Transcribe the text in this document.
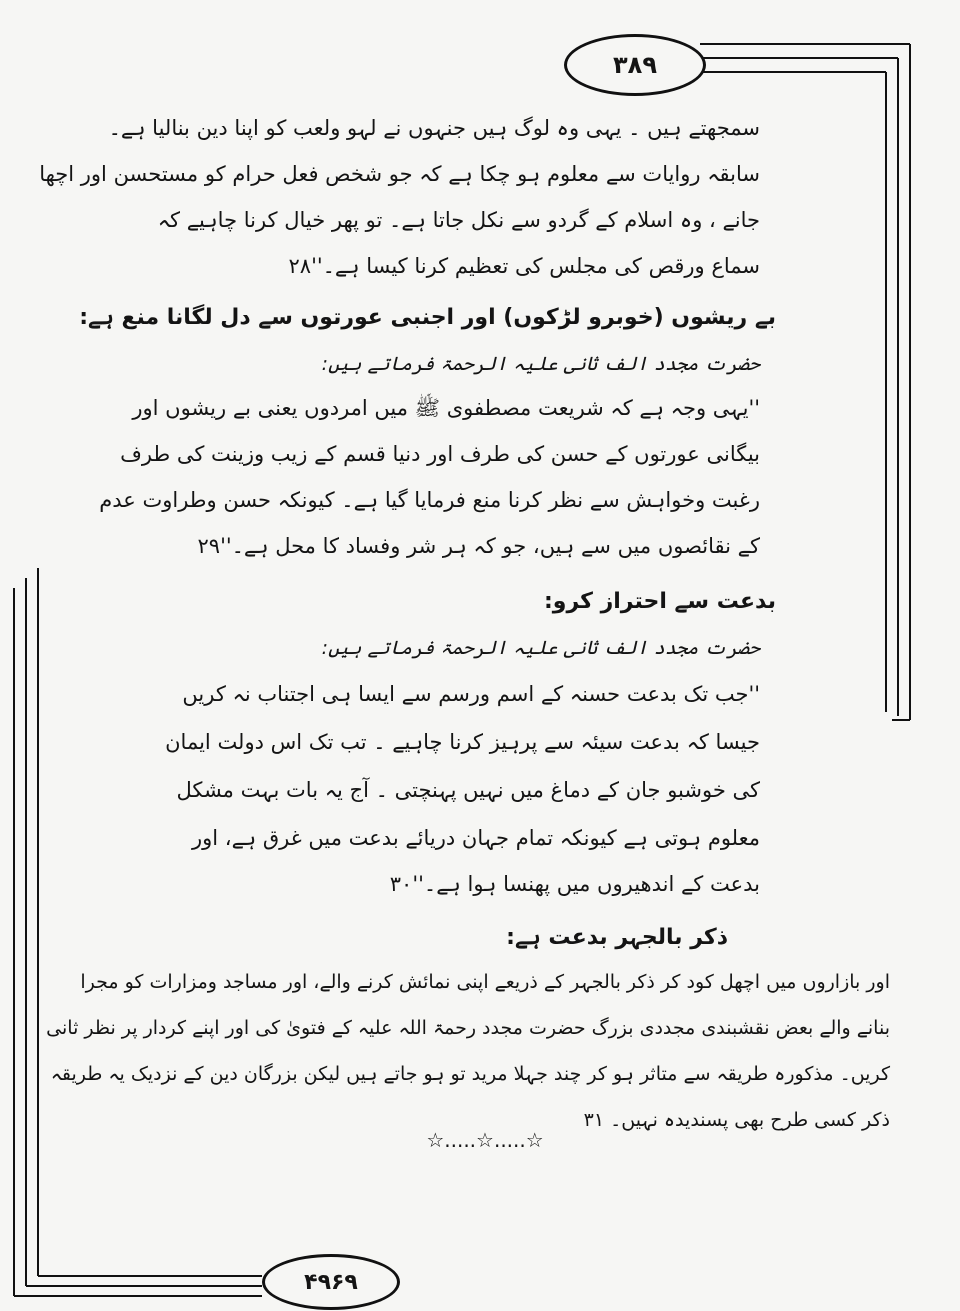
۳۸۹
۴۹۶۹
سمجھتے ہیں ۔ یہی وہ لوگ ہیں جنہوں نے لہو ولعب کو اپنا دین بنالیا ہے۔
سابقہ روایات سے معلوم ہو چکا ہے کہ جو شخص فعل حرام کو مستحسن اور اچھا
جانے ، وہ اسلام کے گردو سے نکل جاتا ہے۔ تو پھر خیال کرنا چاہیے کہ
سماع ورقص کی مجلس کی تعظیم کرنا کیسا ہے۔''۲۸
بے ریشوں (خوبرو لڑکوں) اور اجنبی عورتوں سے دل لگانا منع ہے:
حضرت مجدد الف ثانی علیہ الرحمۃ فرماتے ہیں:
''یہی وجہ ہے کہ شریعت مصطفوی ﷺ میں امردوں یعنی بے ریشوں اور
بیگانی عورتوں کے حسن کی طرف اور دنیا قسم کے زیب وزینت کی طرف
رغبت وخواہش سے نظر کرنا منع فرمایا گیا ہے۔ کیونکہ حسن وطراوت عدم
کے نقائصوں میں سے ہیں، جو کہ ہر شر وفساد کا محل ہے۔''۲۹
بدعت سے احتراز کرو:
حضرت مجدد الف ثانی علیہ الرحمۃ فرماتے ہیں:
''جب تک بدعت حسنہ کے اسم ورسم سے ایسا ہی اجتناب نہ کریں
جیسا کہ بدعت سیئہ سے پرہیز کرنا چاہیے ۔ تب تک اس دولت ایمان
کی خوشبو جان کے دماغ میں نہیں پہنچتی ۔ آج یہ بات بہت مشکل
معلوم ہوتی ہے کیونکہ تمام جہان دریائے بدعت میں غرق ہے، اور
بدعت کے اندھیروں میں پھنسا ہوا ہے۔''۳۰
ذکر بالجہر بدعت ہے:
اور بازاروں میں اچھل کود کر ذکر بالجہر کے ذریعے اپنی نمائش کرنے والے، اور مساجد ومزارات کو مجرا
بنانے والے بعض نقشبندی مجددی بزرگ حضرت مجدد رحمۃ اللہ علیہ کے فتویٰ کی اور اپنے کردار پر نظر ثانی
کریں۔ مذکورہ طریقہ سے متاثر ہو کر چند جہلا مرید تو ہو جاتے ہیں لیکن بزرگان دین کے نزدیک یہ طریقہ
ذکر کسی طرح بھی پسندیدہ نہیں۔ ۳۱
☆.....☆.....☆
